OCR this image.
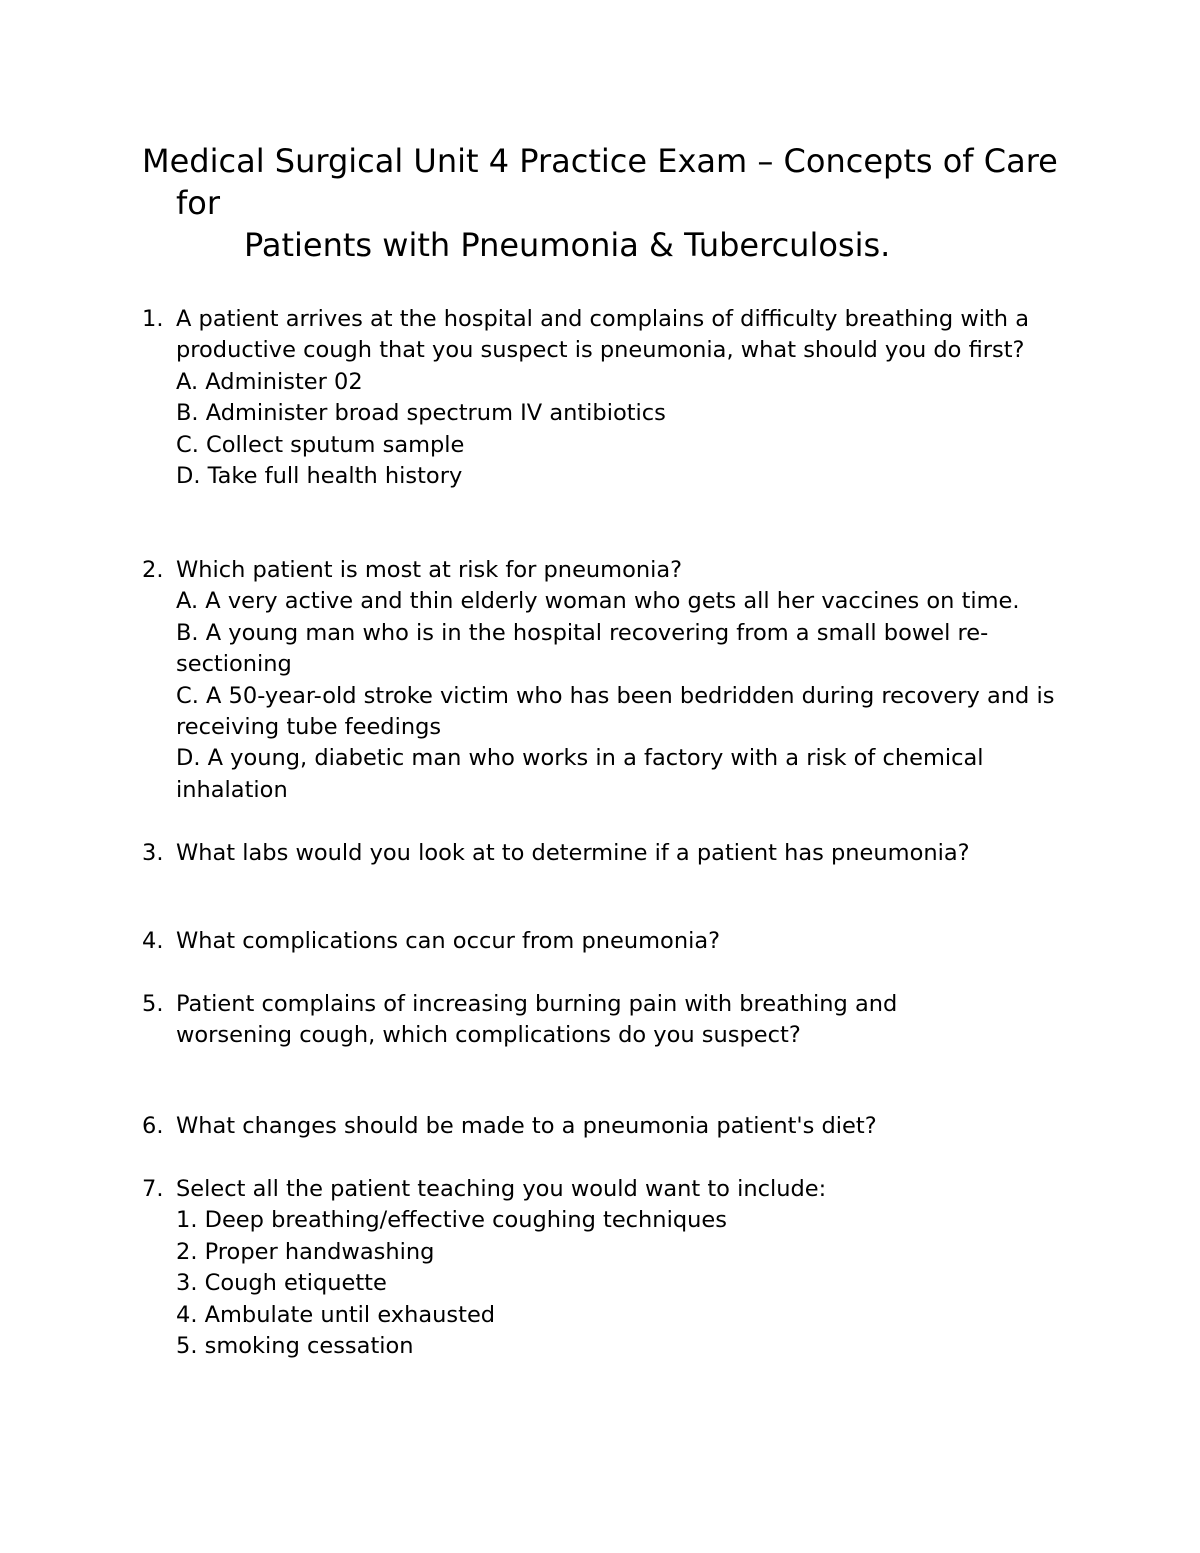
Medical Surgical Unit 4 Practice Exam – Concepts of Care for
Patients with Pneumonia & Tuberculosis.
1. A patient arrives at the hospital and complains of difficulty breathing with a productive cough that you suspect is pneumonia, what should you do first?
A. Administer 02
B. Administer broad spectrum IV antibiotics
C. Collect sputum sample
D. Take full health history
2. Which patient is most at risk for pneumonia?
A. A very active and thin elderly woman who gets all her vaccines on time.
B. A young man who is in the hospital recovering from a small bowel re-sectioning
C. A 50-year-old stroke victim who has been bedridden during recovery and is receiving tube feedings
D. A young, diabetic man who works in a factory with a risk of chemical inhalation
3. What labs would you look at to determine if a patient has pneumonia?
4. What complications can occur from pneumonia?
5. Patient complains of increasing burning pain with breathing and worsening cough, which complications do you suspect?
6. What changes should be made to a pneumonia patient's diet?
7. Select all the patient teaching you would want to include:
1. Deep breathing/effective coughing techniques
2. Proper handwashing
3. Cough etiquette
4. Ambulate until exhausted
5. smoking cessation
